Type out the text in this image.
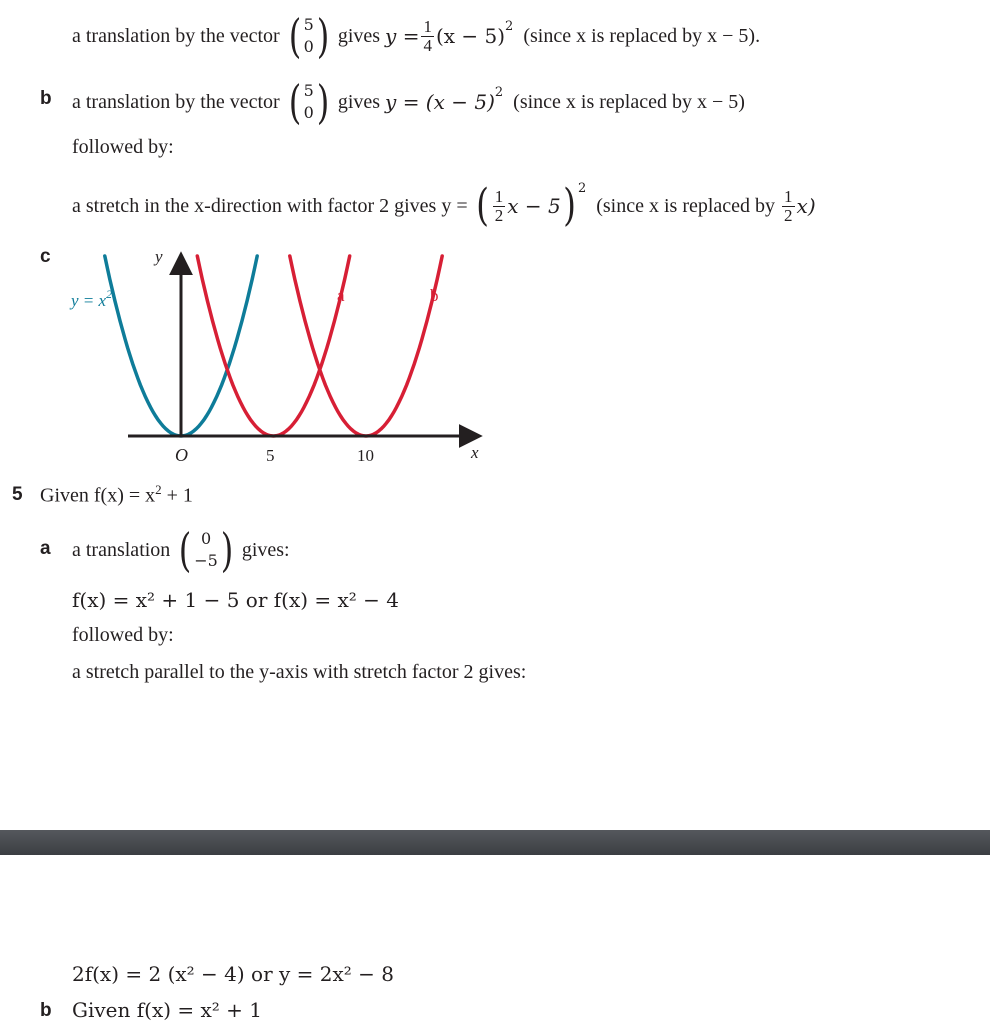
a translation by the vector ( 5
0 ) gives
$y = \frac{1}{4} (x - 5)^2$
(since x is replaced by x − 5).
b a translation by the vector ( 5
0 ) gives
$y = (x - 5)^2$
(since x is replaced by x − 5)
followed by:
a stretch in the x-direction with factor 2 gives y = ( $\frac{1}{2}$ x − 5 )$^2$

(since x is replaced by
$\frac{1}{2} x$)
c	y
x
O	5	10
$y = x^2$	a	b
5 Given $f(x) = x^2 + 1$
a a translation ( 0
−5 ) gives:
f(x) = x² + 1 − 5 or f(x) = x² − 4
followed by:
a stretch parallel to the y-axis with stretch factor 2 gives:
2f(x) = 2 (x² − 4) or y = 2x² − 8
b Given f(x) = x² + 1
